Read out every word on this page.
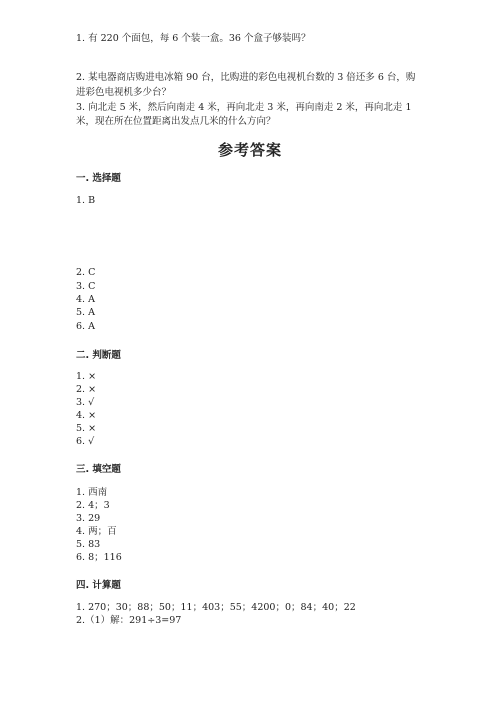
1. 有 220 个面包，每 6 个装一盒。36 个盒子够装吗？
2. 某电器商店购进电冰箱 90 台，比购进的彩色电视机台数的 3 倍还多 6 台，购
进彩色电视机多少台？
3. 向北走 5 米，然后向南走 4 米，再向北走 3 米，再向南走 2 米，再向北走 1
米，现在所在位置距离出发点几米的什么方向？
参考答案
一. 选择题
1. B
2. C
3. C
4. A
5. A
6. A
二. 判断题
1. ×
2. ×
3. √
4. ×
5. ×
6. √
三. 填空题
1. 西南
2. 4；3
3. 29
4. 两；百
5. 83
6. 8；116
四. 计算题
1. 270；30；88；50；11；403；55；4200；0；84；40；22
2.（1）解：291÷3=97
